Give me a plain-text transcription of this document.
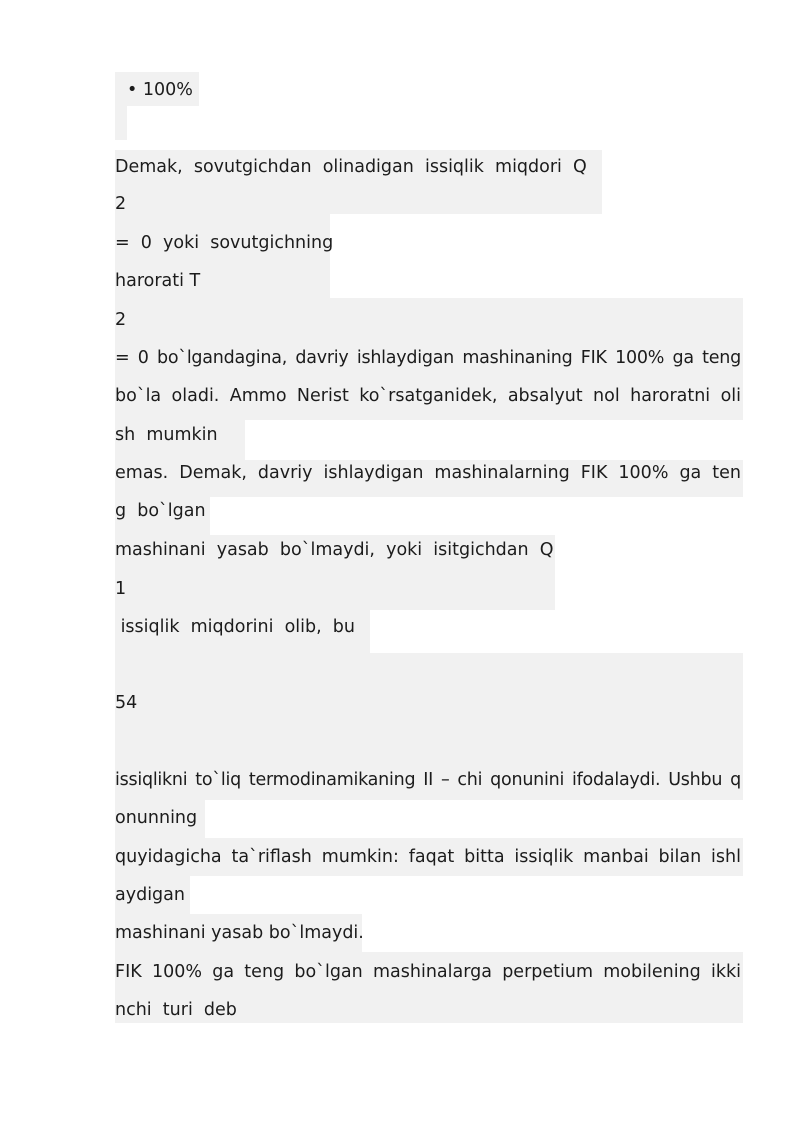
• 100%
Demak,  sovutgichdan  olinadigan  issiqlik  miqdori  Q
2
=  0  yoki  sovutgichning
harorati T
2
= 0 bo`lgandagina, davriy ishlaydigan mashinaning FIK 100% ga teng
bo`la oladi. Ammo Nerist ko`rsatganidek, absalyut nol haroratni oli
sh  mumkin
emas. Demak, davriy ishlaydigan mashinalarning FIK 100% ga ten
g  bo`lgan
mashinani  yasab  bo`lmaydi,  yoki  isitgichdan  Q
1
issiqlik  miqdorini  olib,  bu
54
issiqlikni to`liq termodinamikaning II – chi qonunini ifodalaydi. Ushbu q
onunning
quyidagicha ta`riflash mumkin: faqat bitta issiqlik manbai bilan ishl
aydigan
mashinani yasab bo`lmaydi.
FIK 100% ga teng bo`lgan mashinalarga perpetium mobilening ikki
nchi  turi  deb
